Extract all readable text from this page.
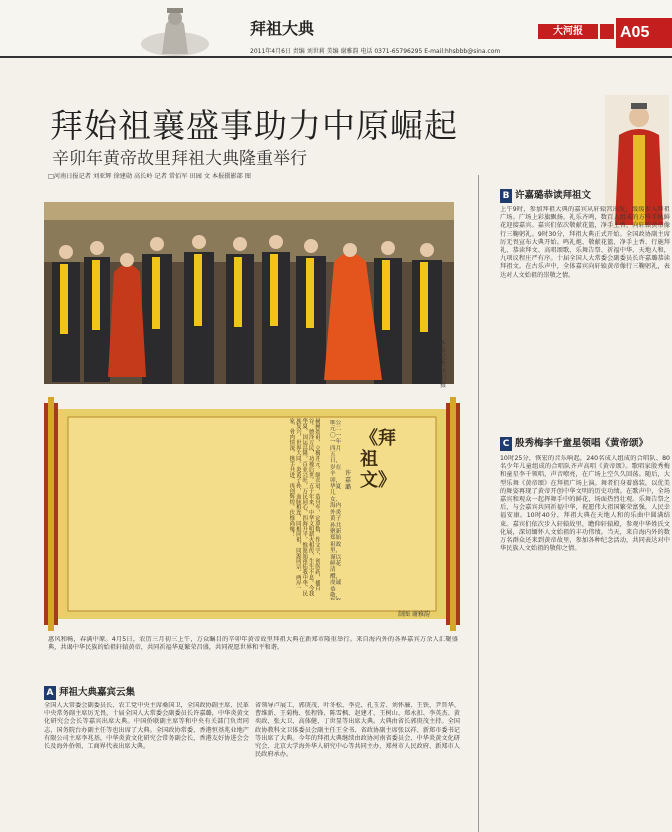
拜祖大典	大河报	A05
2011年4月6日 责编 刘世莉 美编 谢雅韵 电话 0371-65796295 E-mail:hhsbbb@sina.com
拜始祖襄盛事助力中原崛起
辛卯年黄帝故里拜祖大典隆重举行
□河南日报记者 刘亚辉 徐建勋 高长岭 记者 常佰军 田园 文 本报摄影部 图
本报记者 徐阳 摄
《拜祖文》
许嘉璐
维公元二〇一一年四月五日，岁在辛卯，华夏儿女、海内外炎黄子孙共聚新郑始祖故里，谨以鲜花清醴，虔诚恭敬，
赫赫始祖，立极开元。制衣冠，造舟车，定算数，作文字，创医药，播百谷。德泽万民，功被后世。五千年来，中华文明薪火相传，生生不息。今我华夏，国运昌隆，百业兴旺，万民同心，四海升平。惟愿始祖佑我中华，民族复兴，世界大同。炎黄子孙，血脉相连，同根同祖，同源同宗。两岸一家，骨肉情深，携手共进，再创辉煌。伏惟尚飨！
制图 谢雅韵
惠风和畅，春满中原。4月5日，农历三月初三上午，万众瞩目的辛卯年黄帝故里拜祖大典在新郑市隆重举行。来自海内外的各界嘉宾万余人汇聚盛典，共谒中华民族的始祖轩辕黄帝，共同祈福华夏繁荣昌盛，共同祝愿世界和平和谐。
A 拜祖大典嘉宾云集
全国人大常委会副委员长、农工党中央主席桑国卫，全国政协副主席、民革中央常务副主席厉无畏，十届全国人大常委会副委员长许嘉璐，中华炎黄文化研究会会长等嘉宾出席大典。中国侨联副主席等和中央有关部门负责同志，国务院台办副主任等也出席了大典。全国政协常委、香港恒基兆业地产有限公司主席李兆基，中华炎黄文化研究会常务副会长，香港友好协进会会长及海外侨领、工商界代表出席大典。
省领导卢展工、郭庚茂、叶冬松、李克、孔玉芳、刘怀廉、王铁、尹晋华、曹维新、王菊梅、张程锋、陈雪枫、赵建才、王树山、郑永扣、李英杰、黄奕政、张大卫、高体健、丁世显等出席大典。大典由省长郭庚茂主持。全国政协教科文卫体委员会副主任王全书、省政协副主席张以祥、新郑市委书记等出席了大典。今年的拜祖大典继续由政协河南省委员会、中华炎黄文化研究会、北京大学海外华人研究中心等共同主办，郑州市人民政府、新郑市人民政府承办。
B 许嘉璐恭读拜祖文
上午9时，参加拜祖大典的嘉宾从轩辕宫出发，缓缓步入拜祖广场。广场上彩旗飘扬，礼乐齐鸣，数百人组成的方阵手执鲜花迎接嘉宾。嘉宾们依次敬献花篮，净手上香，向轩辕黄帝像行三鞠躬礼。9时30分，拜祖大典正式开始。全国政协副主席厉无畏宣布大典开始。鸣礼炮、敬献花篮、净手上香、行施拜礼、恭读拜文、高唱颂歌、乐舞告祭、祈福中华、天地人和，九项议程庄严有序。十届全国人大常委会副委员长许嘉璐恭读拜祖文。在古乐声中，全体嘉宾向轩辕黄帝像行三鞠躬礼，表达对人文始祖的崇敬之情。
C 殷秀梅李千童星领唱《黄帝颂》
10时25分，恢宏的音乐响起，240名成人组成的合唱队、80名少年儿童组成的合唱队齐声高唱《黄帝颂》。歌唱家殷秀梅和童星李千领唱，声音嘹亮，在广场上空久久回荡。随后，大型乐舞《黄帝颂》在拜祖广场上演。舞者们身着盛装，以优美的舞姿再现了黄帝开创中华文明的历史功绩。在歌声中，全场嘉宾和观众一起挥舞手中的鲜花，场面热烈壮观。乐舞告祭之后，与会嘉宾共同祈福中华，祝愿伟大祖国繁荣富强，人民幸福安康。10时40分，拜祖大典在天地人和的乐曲中圆满结束。嘉宾们依次步入轩辕故里，瞻仰轩辕殿，参观中华姓氏文化展，深切缅怀人文始祖的丰功伟绩。当天，来自海内外的数万名群众还来到黄帝故里，参加各种纪念活动，共同表达对中华民族人文始祖的敬仰之情。
